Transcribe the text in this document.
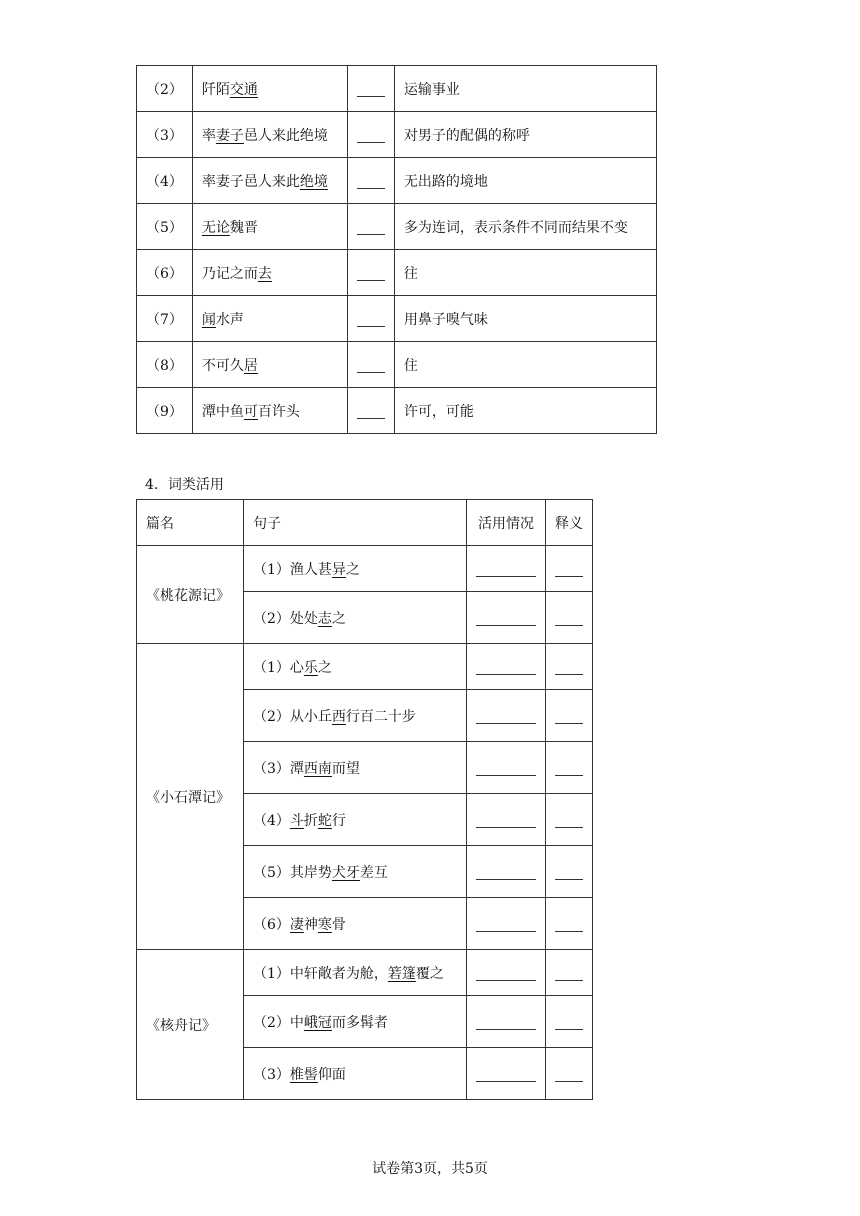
（2）	阡陌交通		运输事业
（3）	率妻子邑人来此绝境		对男子的配偶的称呼
（4）	率妻子邑人来此绝境		无出路的境地
（5）	无论魏晋		多为连词，表示条件不同而结果不变
（6）	乃记之而去		往
（7）	闻水声		用鼻子嗅气味
（8）	不可久居		住
（9）	潭中鱼可百许头		许可，可能
4．词类活用
篇名	句子	活用情况	释义
《桃花源记》	（1）渔人甚异之		
	（2）处处志之		
《小石潭记》	（1）心乐之		
	（2）从小丘西行百二十步		
	（3）潭西南而望		
	（4）斗折蛇行		
	（5）其岸势犬牙差互		
	（6）凄神寒骨		
《核舟记》	（1）中轩敞者为舱，箬篷覆之		
	（2）中峨冠而多髯者		
	（3）椎髻仰面		
试卷第3页，共5页
